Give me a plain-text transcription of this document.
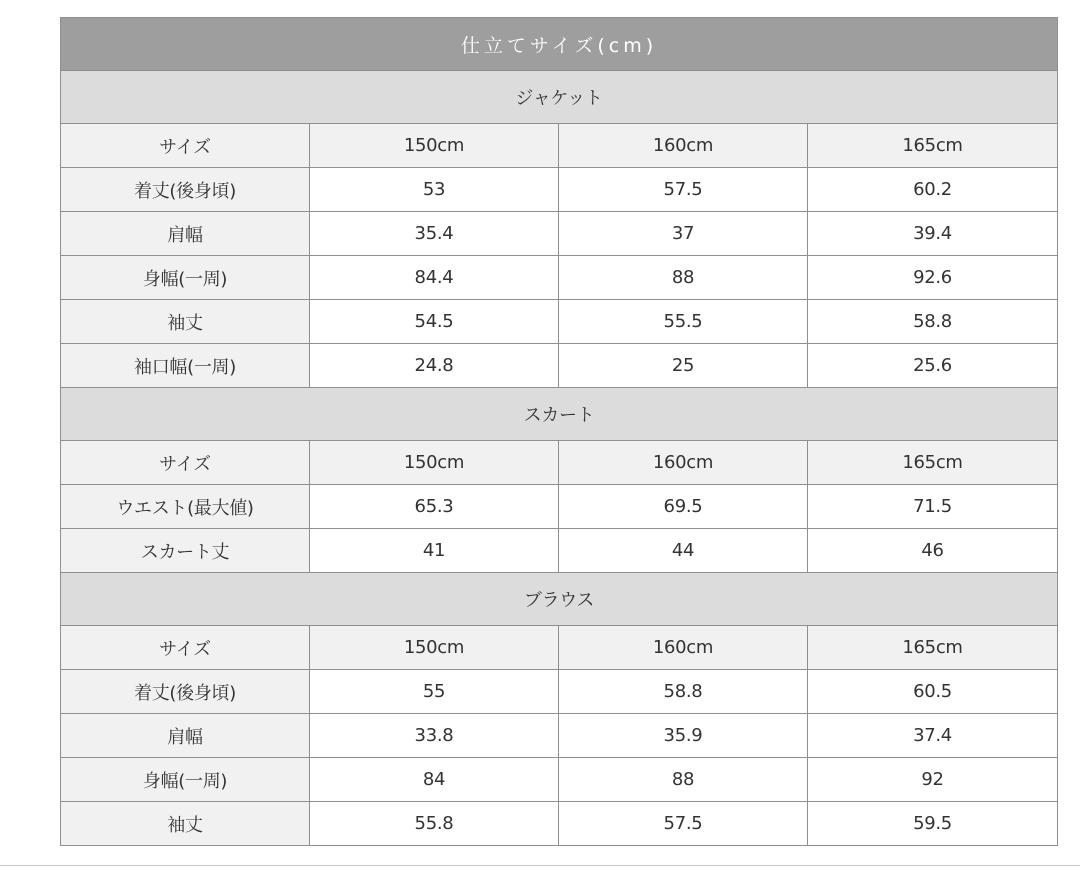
仕立てサイズ(cm)			
ジャケット			
サイズ	150cm	160cm	165cm
着丈(後身頃)	53	57.5	60.2
肩幅	35.4	37	39.4
身幅(一周)	84.4	88	92.6
袖丈	54.5	55.5	58.8
袖口幅(一周)	24.8	25	25.6
スカート			
サイズ	150cm	160cm	165cm
ウエスト(最大値)	65.3	69.5	71.5
スカート丈	41	44	46
ブラウス			
サイズ	150cm	160cm	165cm
着丈(後身頃)	55	58.8	60.5
肩幅	33.8	35.9	37.4
身幅(一周)	84	88	92
袖丈	55.8	57.5	59.5
